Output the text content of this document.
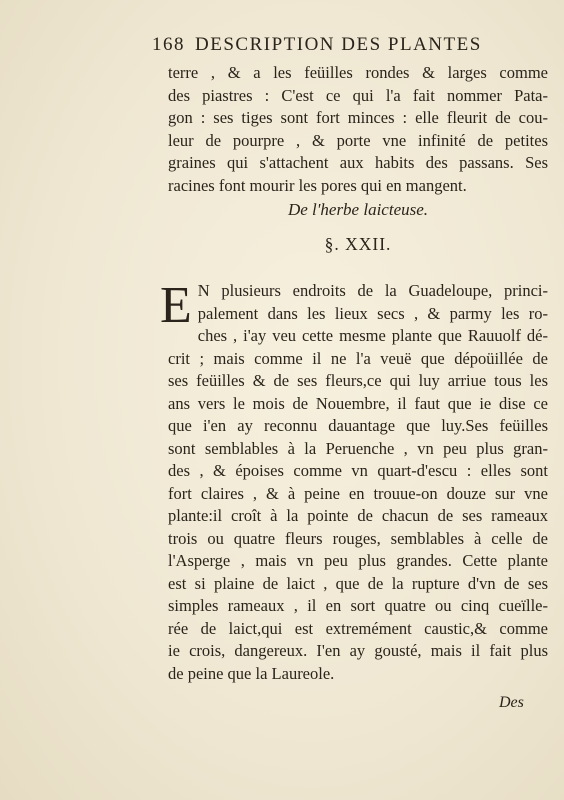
168 DESCRIPTION DES PLANTES
terre , & a les feüilles rondes & larges comme
des piastres : C'est ce qui l'a fait nommer Pata-
gon : ses tiges sont fort minces : elle fleurit de cou-
leur de pourpre , & porte vne infinité de petites
graines qui s'attachent aux habits des passans. Ses
racines font mourir les pores qui en mangent.
De l'herbe laicteuse.
§. XXII.
E N plusieurs endroits de la Guadeloupe, princi-
palement dans les lieux secs , & parmy les ro-
ches , i'ay veu cette mesme plante que Rauuolf dé-
crit ; mais comme il ne l'a veuë que dépoüillée de
ses feüilles & de ses fleurs,ce qui luy arriue tous les
ans vers le mois de Nouembre, il faut que ie dise ce
que i'en ay reconnu dauantage que luy.Ses feüilles
sont semblables à la Peruenche , vn peu plus gran-
des , & époises comme vn quart-d'escu : elles sont
fort claires , & à peine en trouue-on douze sur vne
plante:il croît à la pointe de chacun de ses rameaux
trois ou quatre fleurs rouges, semblables à celle de
l'Asperge , mais vn peu plus grandes. Cette plante
est si plaine de laict , que de la rupture d'vn de ses
simples rameaux , il en sort quatre ou cinq cueïlle-
rée de laict,qui est extremément caustic,& comme
ie crois, dangereux. I'en ay gousté, mais il fait plus
de peine que la Laureole.
Des
